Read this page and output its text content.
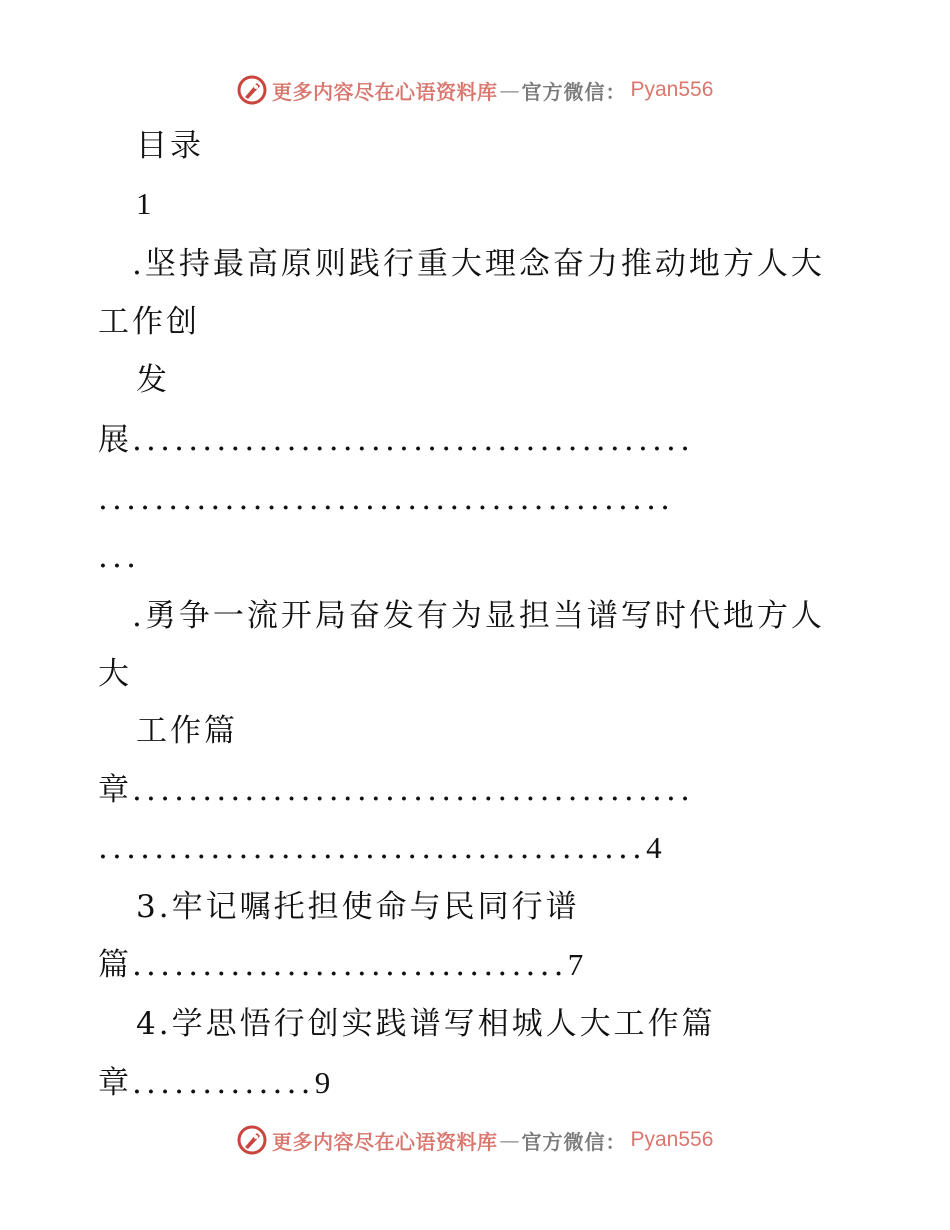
更多内容尽在心语资料库 — 官方微信： Pyan556
目录
1
.坚持最高原则践行重大理念奋力推动地方人大
工作创
发
展........................................
.........................................
...
.勇争一流开局奋发有为显担当谱写时代地方人
大
工作篇
章........................................
.......................................4
3.牢记嘱托担使命与民同行谱
篇...............................7
4.学思悟行创实践谱写相城人大工作篇
章.............9
更多内容尽在心语资料库 — 官方微信： Pyan556
